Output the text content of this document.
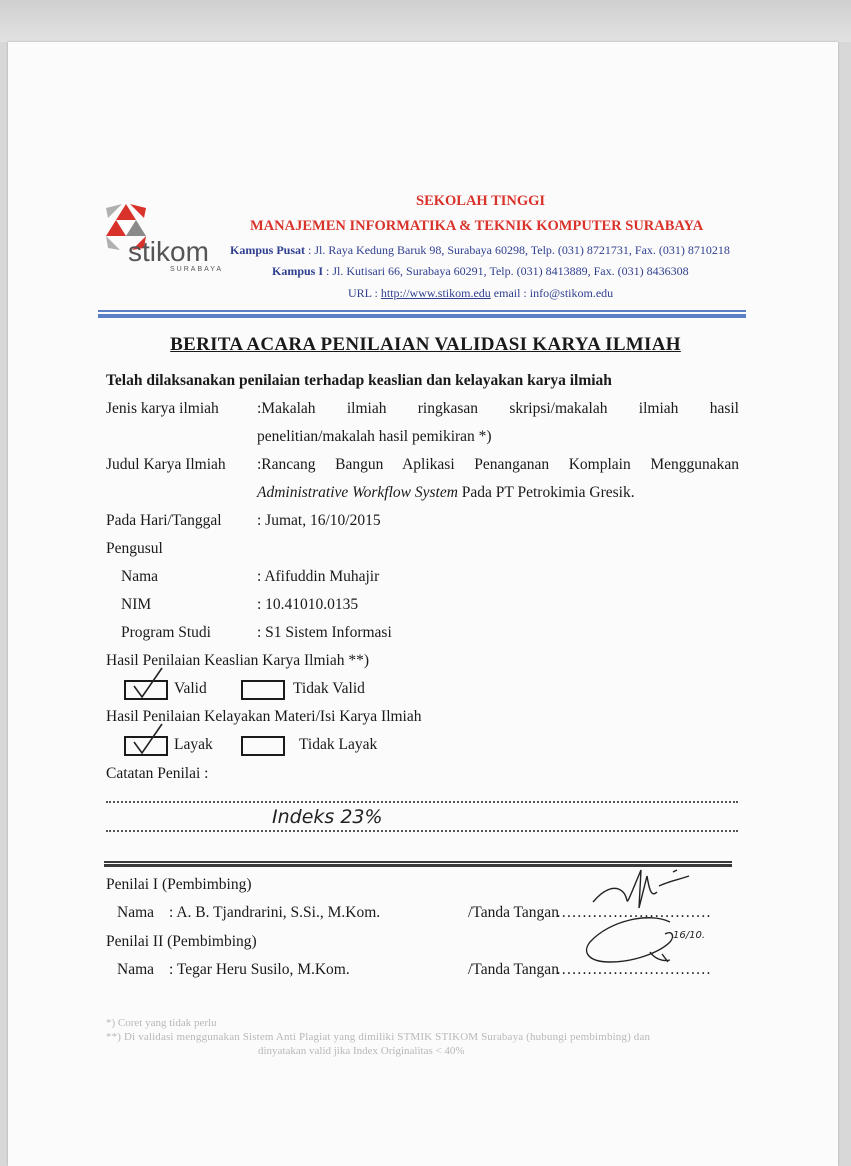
stikom
SURABAYA
SEKOLAH TINGGI
MANAJEMEN INFORMATIKA & TEKNIK KOMPUTER SURABAYA
Kampus Pusat : Jl. Raya Kedung Baruk 98, Surabaya 60298, Telp. (031) 8721731, Fax. (031) 8710218
Kampus I : Jl. Kutisari 66, Surabaya 60291, Telp. (031) 8413889, Fax. (031) 8436308
URL : http://www.stikom.edu email : info@stikom.edu
BERITA ACARA PENILAIAN VALIDASI KARYA ILMIAH
Telah dilaksanakan penilaian terhadap keaslian dan kelayakan karya ilmiah
Jenis karya ilmiah :Makalah ilmiah ringkasan skripsi/makalah ilmiah hasil
penelitian/makalah hasil pemikiran *)
Judul Karya Ilmiah :Rancang Bangun Aplikasi Penanganan Komplain Menggunakan
Administrative Workflow System Pada PT Petrokimia Gresik.
Pada Hari/Tanggal : Jumat, 16/10/2015
Pengusul
Nama	: Afifuddin Muhajir
NIM	: 10.41010.0135
Program Studi	: S1 Sistem Informasi
Hasil Penilaian Keaslian Karya Ilmiah **)
Valid	Tidak Valid
Hasil Penilaian Kelayakan Materi/Isi Karya Ilmiah
Layak	Tidak Layak
Catatan Penilai :
Indeks 23%
Penilai I (Pembimbing)
Nama : A. B. Tjandrarini, S.Si., M.Kom.	/Tanda Tangan
…………………………
Penilai II (Pembimbing)
Nama : Tegar Heru Susilo, M.Kom.	/Tanda Tangan
…………………………
16/10.
*) Coret yang tidak perlu
**) Di validasi menggunakan Sistem Anti Plagiat yang dimiliki STMIK STIKOM Surabaya (hubungi pembimbing) dan
dinyatakan valid jika Index Originalitas < 40%
